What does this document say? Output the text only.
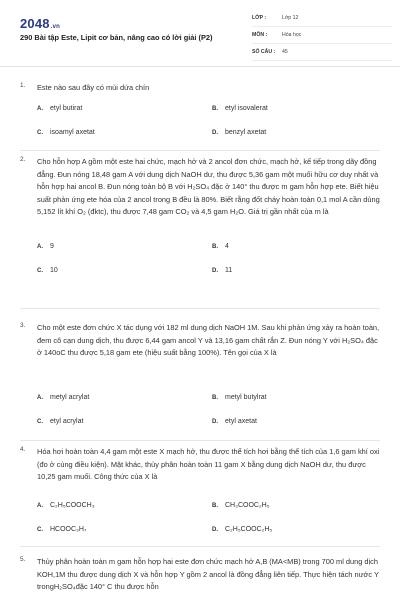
2048.vn
290 Bài tập Este, Lipit cơ bản, nâng cao có lời giải (P2)
LỚP :	Lớp 12
MÔN :	Hóa học
SỐ CÂU :	45
1. Este nào sau đây có mùi dứa chín
A. etyl butirat	B. etyl isovalerat
C. isoamyl axetat	D. benzyl axetat
2. Cho hỗn hợp A gồm một este hai chức, mạch hở và 2 ancol đơn chức, mạch hở, kế tiếp trong dãy đồng đẳng. Đun nóng 18,48 gam A với dung dịch NaOH dư, thu được 5,36 gam một muối hữu cơ duy nhất và hỗn hợp hai ancol B. Đun nóng toàn bộ B với H₂SO₄ đặc ở 140° thu được m gam hỗn hợp ete. Biết hiệu suất phản ứng ete hóa của 2 ancol trong B đều là 80%. Biết rằng đốt cháy hoàn toàn 0,1 mol A cần dùng 5,152 lít khí O₂ (đktc), thu được 7,48 gam CO₂ và 4,5 gam H₂O. Giá trị gần nhất của m là
A. 9	B. 4
C. 10	D. 11
3. Cho một este đơn chức X tác dụng với 182 ml dung dịch NaOH 1M. Sau khi phản ứng xảy ra hoàn toàn, đem cô cạn dung dịch, thu được 6,44 gam ancol Y và 13,16 gam chất rắn Z. Đun nóng Y với H₂SO₄ đặc ở 140oC thu được 5,18 gam ete (hiệu suất bằng 100%). Tên gọi của X là
A. metyl acrylat	B. metyl butylrat
C. etyl acrylat	D. etyl axetat
4. Hóa hơi hoàn toàn 4,4 gam một este X mạch hở, thu được thể tích hơi bằng thể tích của 1,6 gam khí oxi (đo ở cùng điều kiện). Mặt khác, thủy phân hoàn toàn 11 gam X bằng dung dịch NaOH dư, thu được 10,25 gam muối. Công thức của X là
A. C₂H₅COOCH₃	B. CH₃COOC₂H₅
C. HCOOC₃H₇	D. C₂H₅COOC₂H₅
5. Thủy phân hoàn toàn m gam hỗn hợp hai este đơn chức mạch hở A,B (MA<MB) trong 700 ml dung dịch KOH,1M thu được dung dịch X và hỗn hợp Y gồm 2 ancol là đồng đẳng liên tiếp. Thực hiện tách nước Y trongH₂SO₄đặc 140° C thu được hỗn
